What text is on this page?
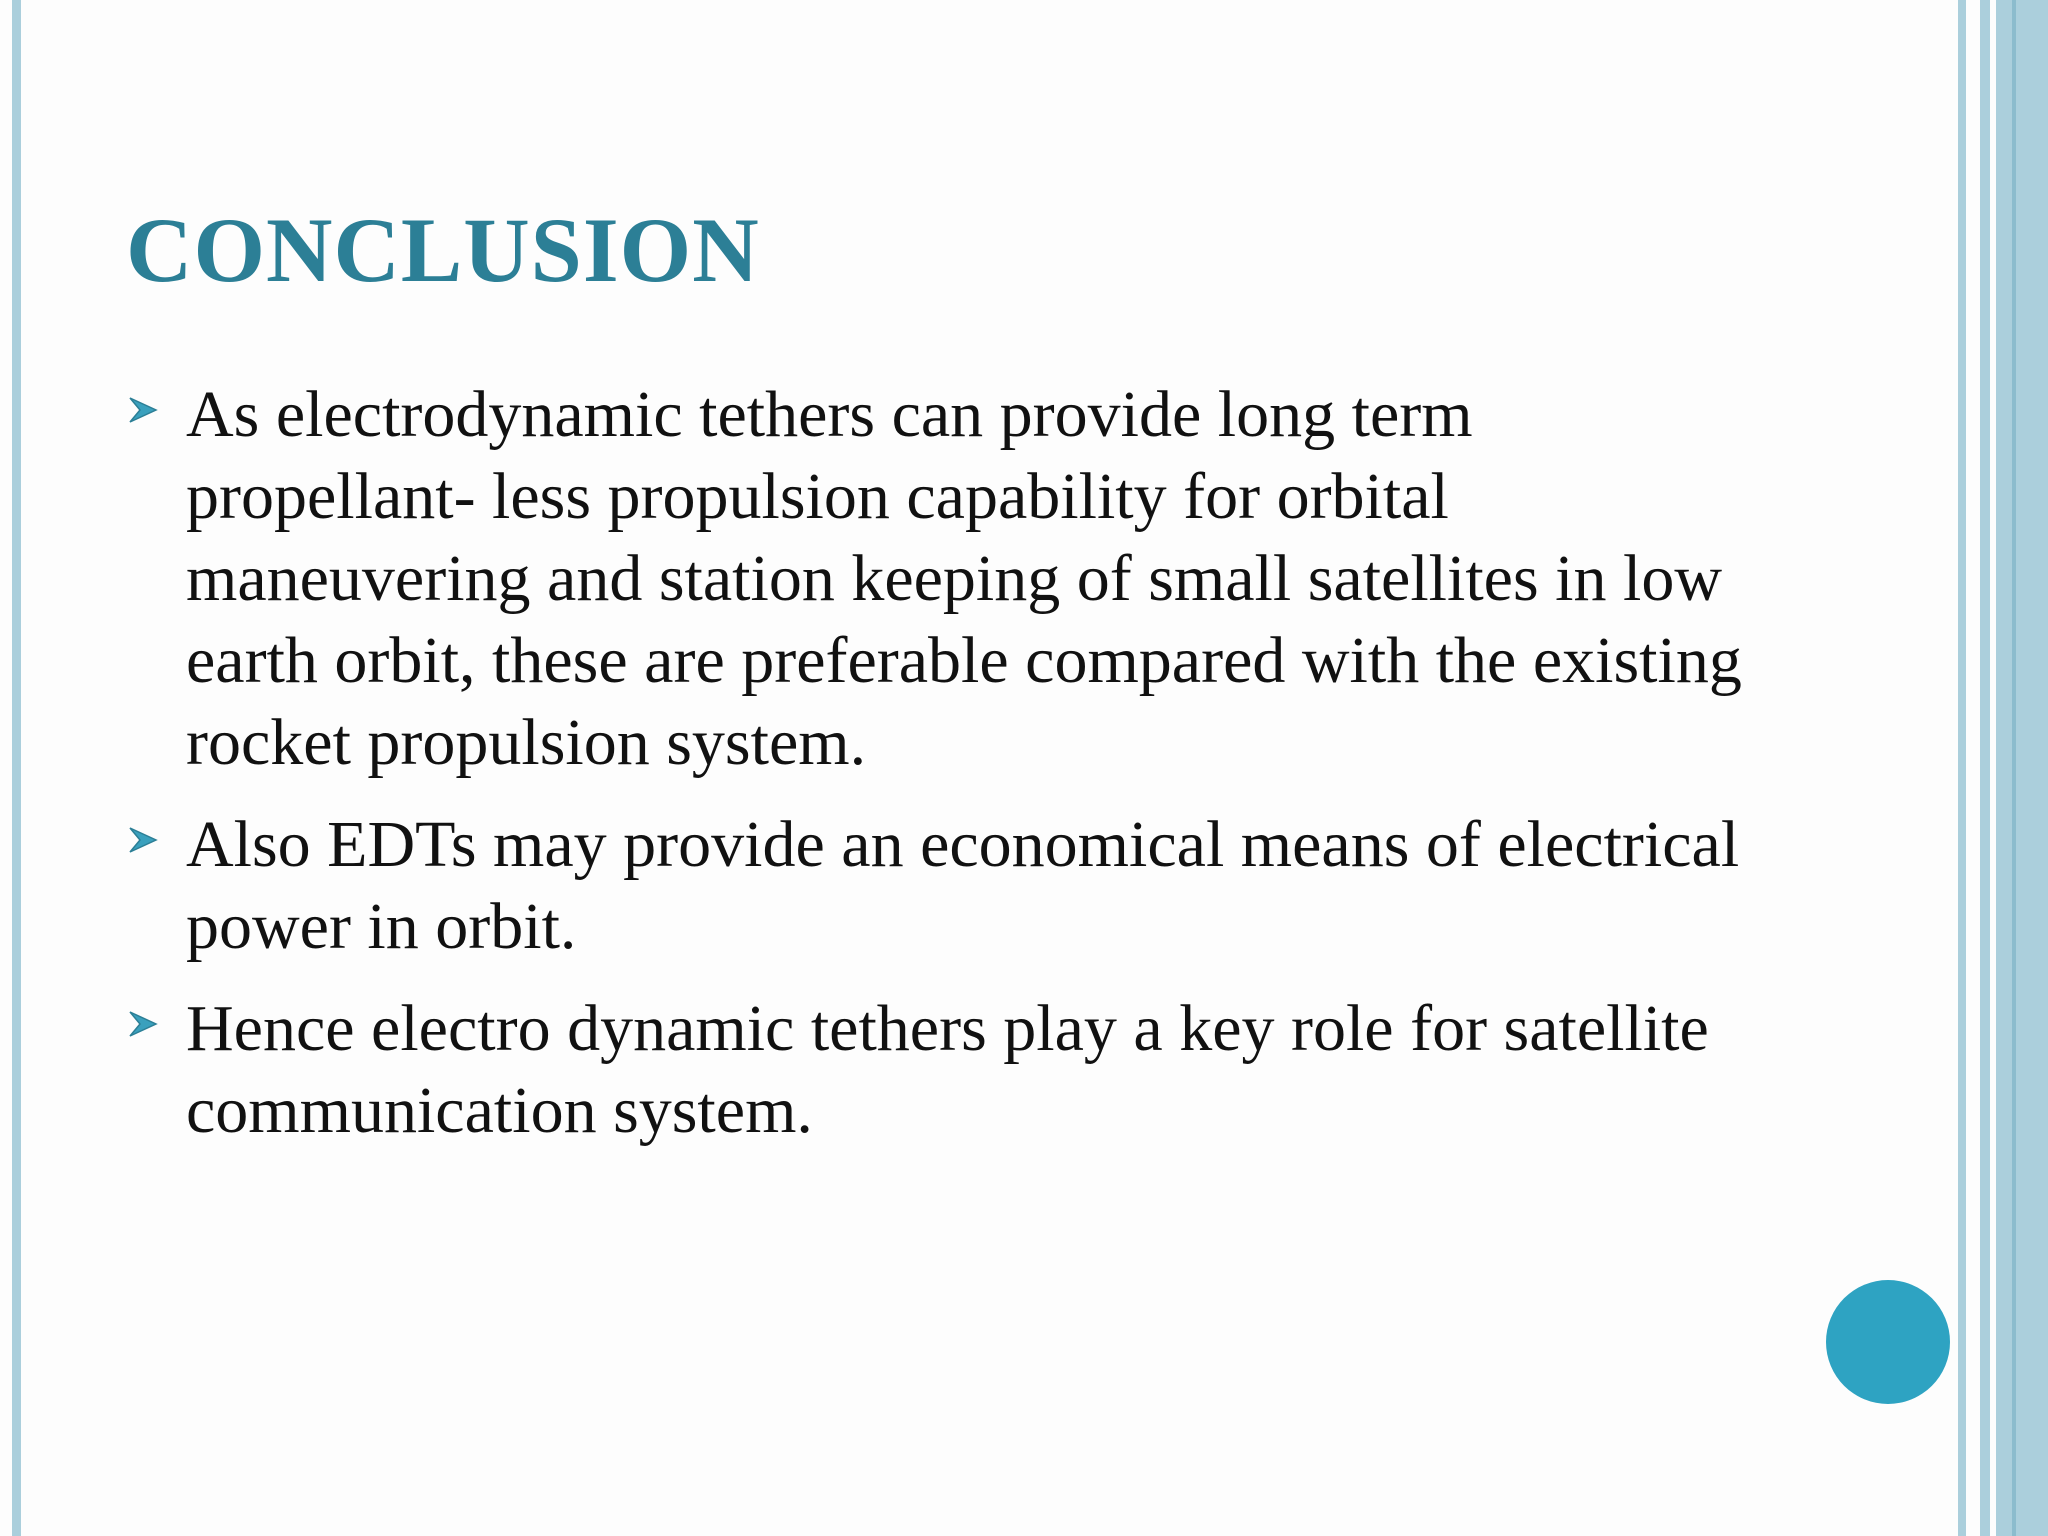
CONCLUSION
As electrodynamic tethers can provide long term propellant- less propulsion capability for orbital maneuvering and station keeping of small satellites in low earth orbit, these are preferable compared with the existing rocket propulsion system.
Also EDTs may provide an economical means of electrical power in orbit.
Hence electro dynamic tethers play a key role for satellite communication system.
